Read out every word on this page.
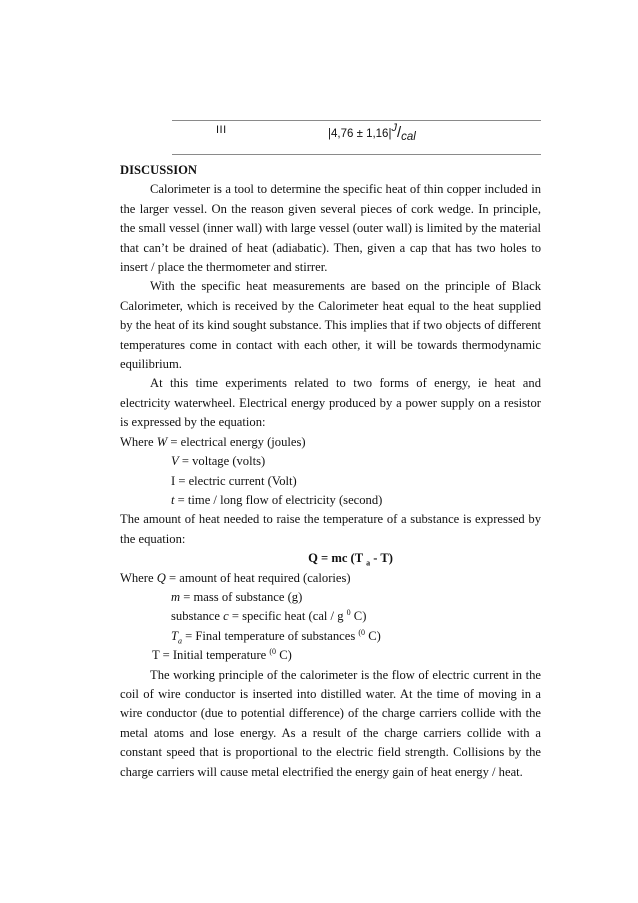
III	|4,76 ± 1,16|J/cal

DISCUSSION

Calorimeter is a tool to determine the specific heat of thin copper included in the larger vessel. On the reason given several pieces of cork wedge. In principle, the small vessel (inner wall) with large vessel (outer wall) is limited by the material that can’t be drained of heat (adiabatic). Then, given a cap that has two holes to insert / place the thermometer and stirrer.

With the specific heat measurements are based on the principle of Black Calorimeter, which is received by the Calorimeter heat equal to the heat supplied by the heat of its kind sought substance. This implies that if two objects of different temperatures come in contact with each other, it will be towards thermodynamic equilibrium.

At this time experiments related to two forms of energy, ie heat and electricity waterwheel. Electrical energy produced by a power supply on a resistor is expressed by the equation:

Where W = electrical energy (joules)

V = voltage (volts)

I = electric current (Volt)

t = time / long flow of electricity (second)

The amount of heat needed to raise the temperature of a substance is expressed by the equation:

Q = mc (T $_a$ - T)

Where Q = amount of heat required (calories)

m = mass of substance (g)

substance c = specific heat (cal / g $^0$ C)

$T_a$ = Final temperature of substances $^{(0}$ C)

T = Initial temperature $^{(0}$ C)

The working principle of the calorimeter is the flow of electric current in the coil of wire conductor is inserted into distilled water. At the time of moving in a wire conductor (due to potential difference) of the charge carriers collide with the metal atoms and lose energy. As a result of the charge carriers collide with a constant speed that is proportional to the electric field strength. Collisions by the charge carriers will cause metal electrified the energy gain of heat energy / heat.
